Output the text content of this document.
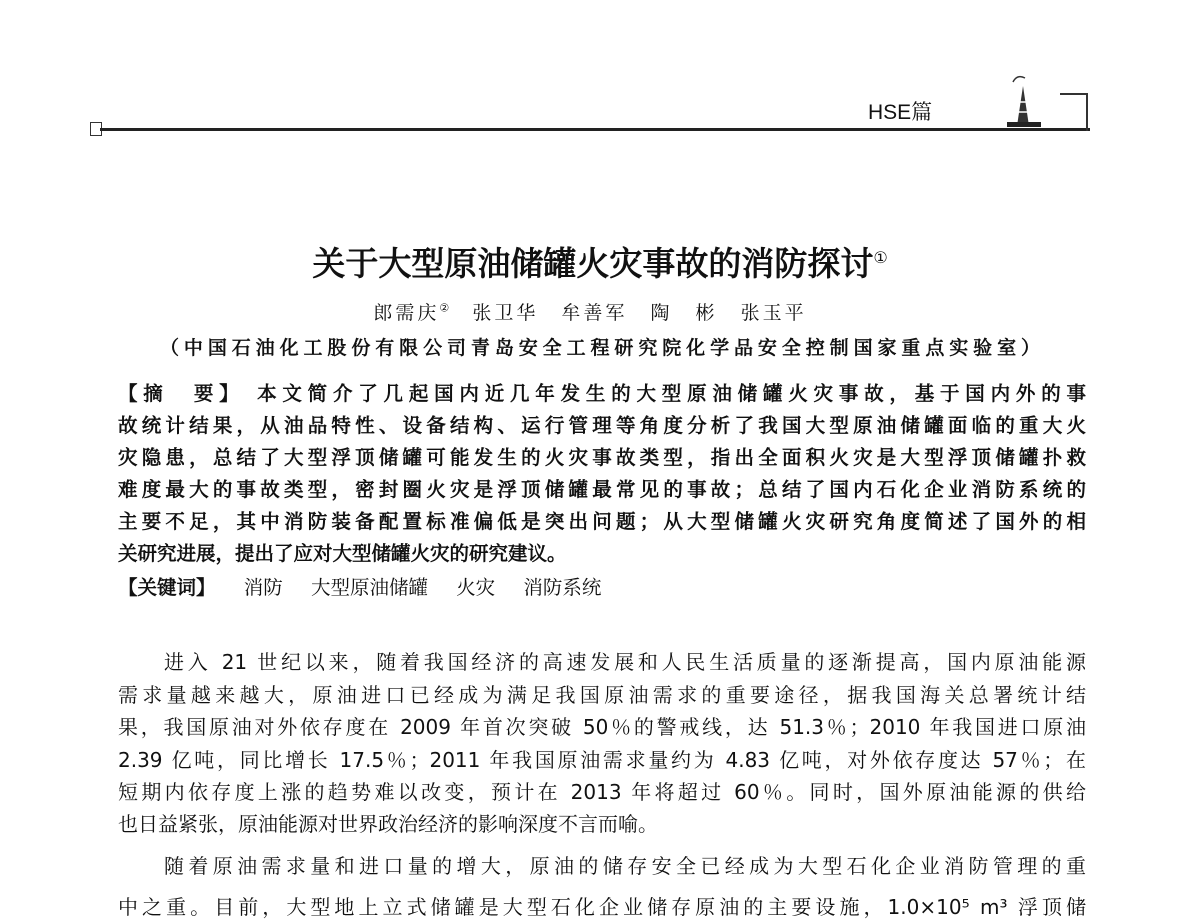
HSE篇
关于大型原油储罐火灾事故的消防探讨①
郎需庆② 张卫华 牟善军 陶 彬 张玉平
（中国石油化工股份有限公司青岛安全工程研究院化学品安全控制国家重点实验室）
【摘　要】 本文简介了几起国内近几年发生的大型原油储罐火灾事故，基于国内外的事
故统计结果，从油品特性、设备结构、运行管理等角度分析了我国大型原油储罐面临的重大火
灾隐患，总结了大型浮顶储罐可能发生的火灾事故类型，指出全面积火灾是大型浮顶储罐扑救
难度最大的事故类型，密封圈火灾是浮顶储罐最常见的事故；总结了国内石化企业消防系统的
主要不足，其中消防装备配置标准偏低是突出问题；从大型储罐火灾研究角度简述了国外的相
关研究进展，提出了应对大型储罐火灾的研究建议。
【关键词】 消防 大型原油储罐 火灾 消防系统
进入 21 世纪以来，随着我国经济的高速发展和人民生活质量的逐渐提高，国内原油能源
需求量越来越大，原油进口已经成为满足我国原油需求的重要途径，据我国海关总署统计结
果，我国原油对外依存度在 2009 年首次突破 50％的警戒线，达 51.3％；2010 年我国进口原油
2.39 亿吨，同比增长 17.5％；2011 年我国原油需求量约为 4.83 亿吨，对外依存度达 57％；在
短期内依存度上涨的趋势难以改变，预计在 2013 年将超过 60％。同时，国外原油能源的供给
也日益紧张，原油能源对世界政治经济的影响深度不言而喻。
随着原油需求量和进口量的增大，原油的储存安全已经成为大型石化企业消防管理的重
中之重。目前，大型地上立式储罐是大型石化企业储存原油的主要设施，1.0×10⁵ m³ 浮顶储
